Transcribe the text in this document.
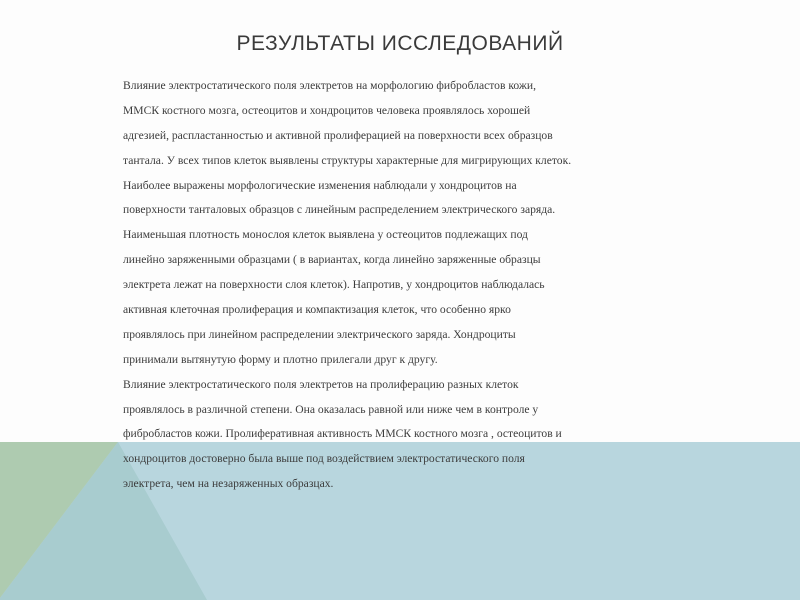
РЕЗУЛЬТАТЫ ИССЛЕДОВАНИЙ
Влияние электростатического поля электретов на морфологию фибробластов кожи,
ММСК костного мозга, остеоцитов и хондроцитов человека проявлялось хорошей
адгезией, распластанностью и активной пролиферацией на поверхности всех образцов
тантала. У всех типов клеток выявлены структуры характерные для мигрирующих клеток.
Наиболее выражены морфологические изменения наблюдали у хондроцитов на
поверхности танталовых образцов с линейным распределением электрического заряда.
Наименьшая плотность монослоя клеток выявлена у остеоцитов подлежащих под
линейно заряженными образцами ( в вариантах, когда линейно заряженные образцы
электрета лежат на поверхности слоя клеток). Напротив, у хондроцитов наблюдалась
активная клеточная пролиферация и компактизация клеток, что особенно ярко
проявлялось при линейном распределении электрического заряда. Хондроциты
принимали вытянутую форму и плотно прилегали друг к другу.
Влияние электростатического поля электретов на пролиферацию разных клеток
проявлялось в различной степени. Она оказалась равной или ниже чем в контроле у
фибробластов кожи. Пролиферативная активность ММСК костного мозга , остеоцитов и
хондроцитов достоверно была выше под воздействием электростатического поля
электрета, чем на незаряженных образцах.
